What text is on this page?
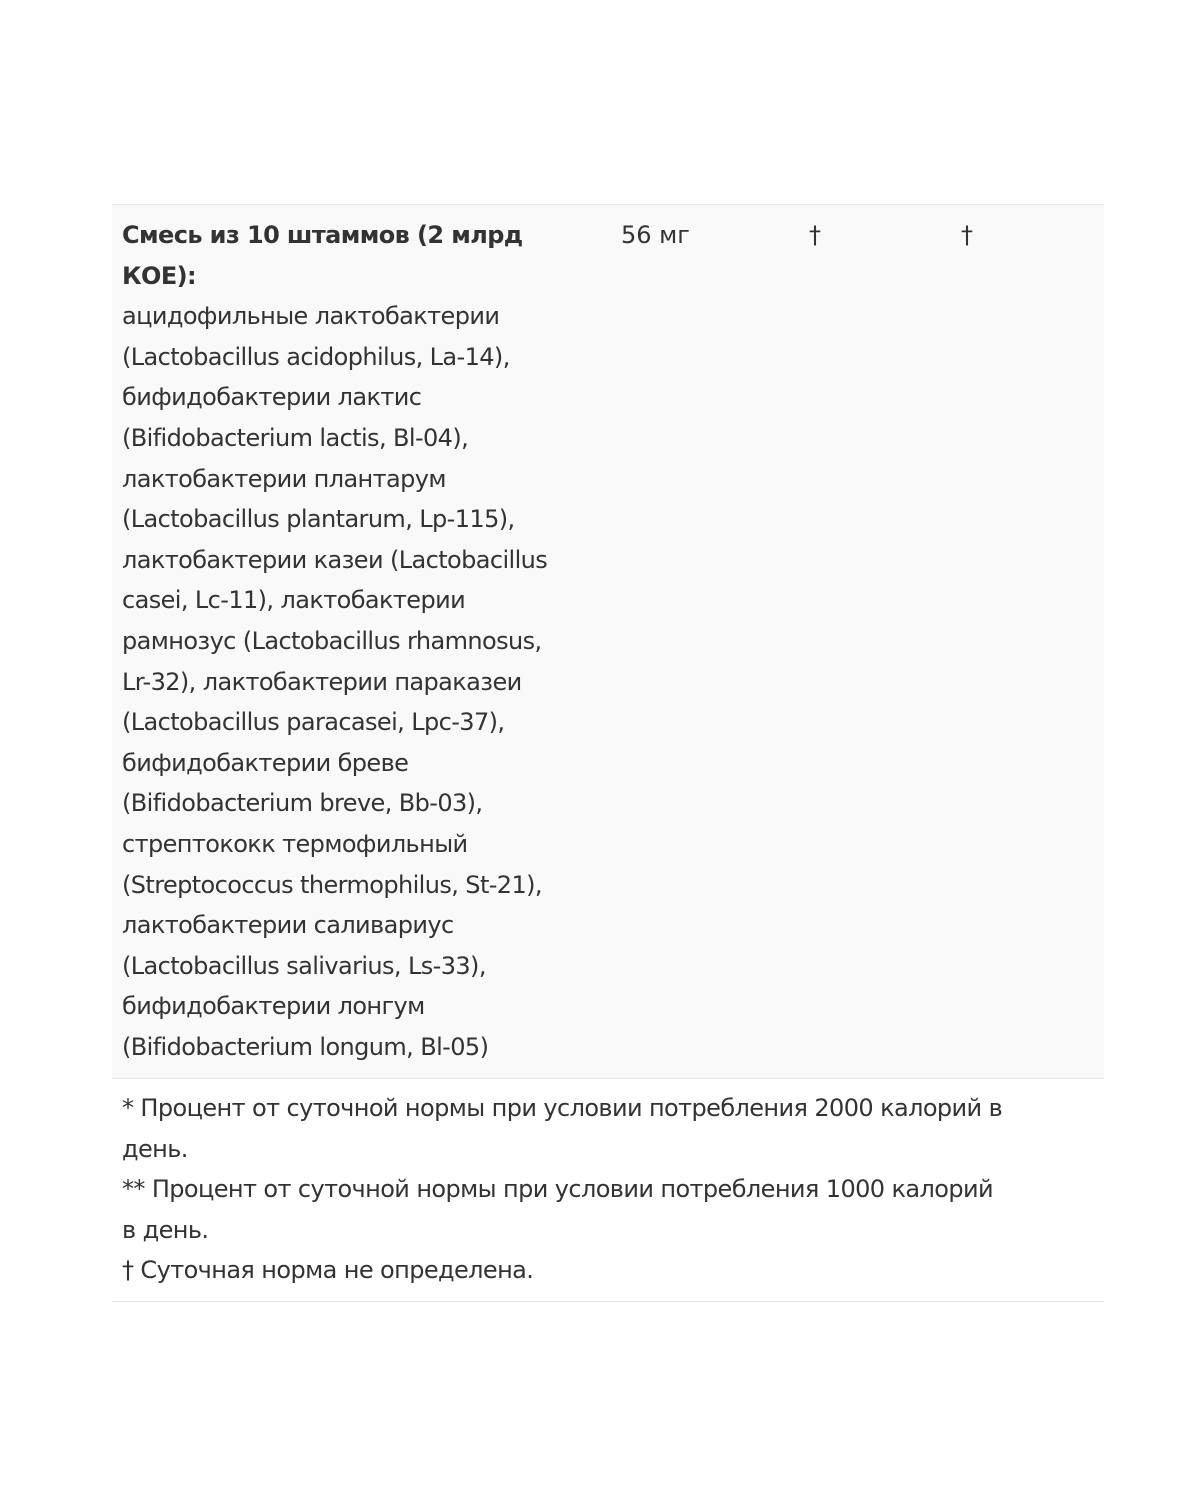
Смесь из 10 штаммов (2 млрд
КОЕ):
ацидофильные лактобактерии
(Lactobacillus acidophilus, La-14),
бифидобактерии лактис
(Bifidobacterium lactis, Bl-04),
лактобактерии плантарум
(Lactobacillus plantarum, Lp-115),
лактобактерии казеи (Lactobacillus
casei, Lc-11), лактобактерии
рамнозус (Lactobacillus rhamnosus,
Lr-32), лактобактерии параказеи
(Lactobacillus paracasei, Lpc-37),
бифидобактерии бреве
(Bifidobacterium breve, Bb-03),
стрептококк термофильный
(Streptococcus thermophilus, St-21),
лактобактерии саливариус
(Lactobacillus salivarius, Ls-33),
бифидобактерии лонгум
(Bifidobacterium longum, Bl-05)
56 мг	†	†
* Процент от суточной нормы при условии потребления 2000 калорий в
день.
** Процент от суточной нормы при условии потребления 1000 калорий
в день.
† Суточная норма не определена.
